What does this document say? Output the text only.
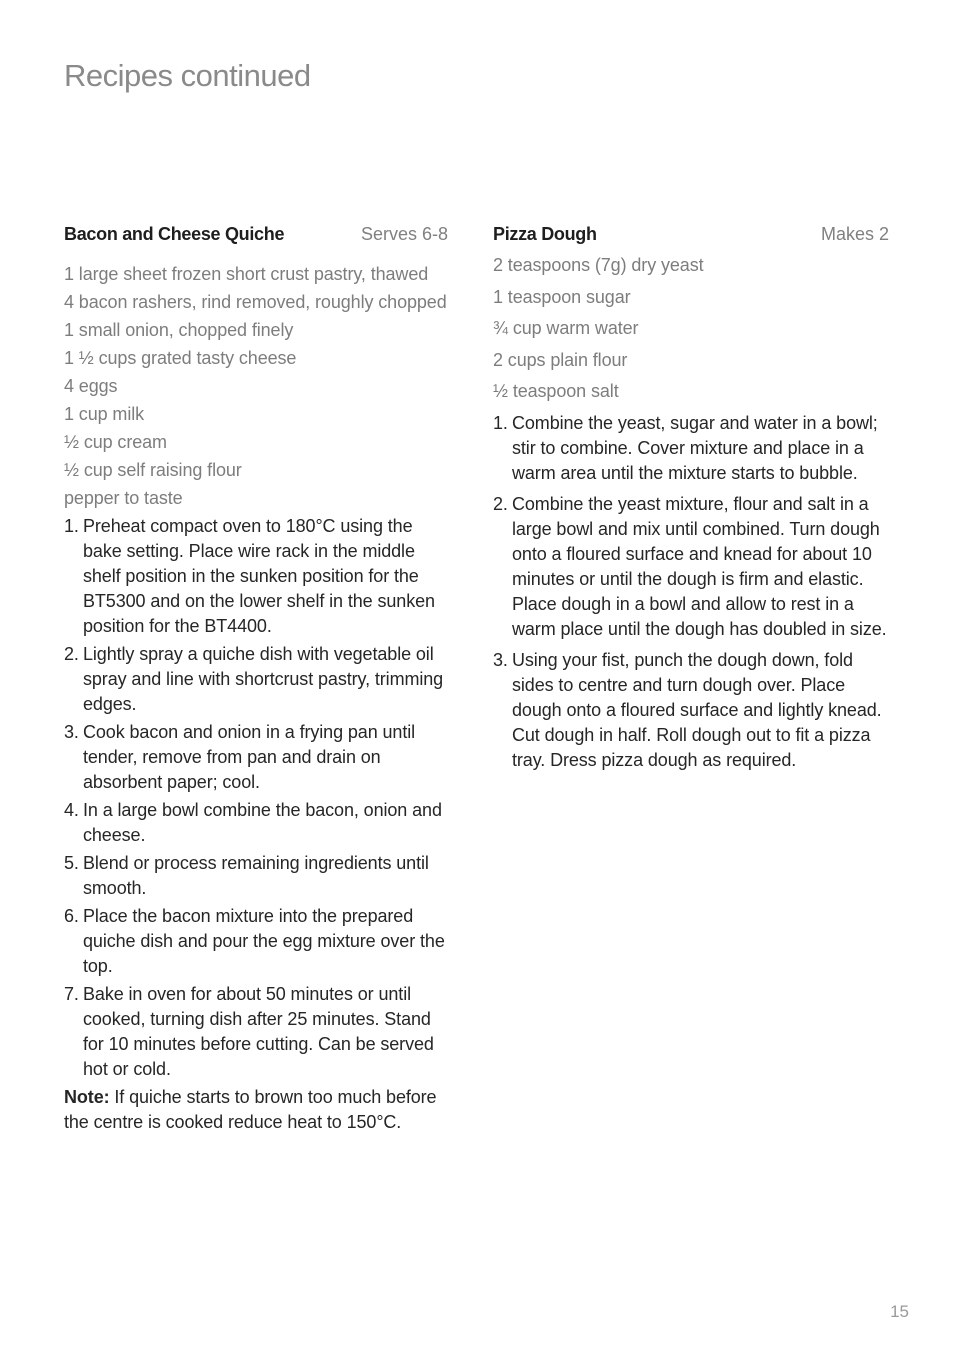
Recipes continued
Bacon and Cheese Quiche	Serves 6-8
1 large sheet frozen short crust pastry, thawed
4 bacon rashers, rind removed, roughly chopped
1 small onion, chopped finely
1 ½ cups grated tasty cheese
4 eggs
1 cup milk
½ cup cream
½ cup self raising flour
pepper to taste
1. Preheat compact oven to 180°C using the bake setting. Place wire rack in the middle shelf position in the sunken position for the BT5300 and on the lower shelf in the sunken position for the BT4400.
2. Lightly spray a quiche dish with vegetable oil spray and line with shortcrust pastry, trimming edges.
3. Cook bacon and onion in a frying pan until tender, remove from pan and drain on absorbent paper; cool.
4. In a large bowl combine the bacon, onion and cheese.
5. Blend or process remaining ingredients until smooth.
6. Place the bacon mixture into the prepared quiche dish and pour the egg mixture over the top.
7. Bake in oven for about 50 minutes or until cooked, turning dish after 25 minutes. Stand for 10 minutes before cutting. Can be served hot or cold.

Note: If quiche starts to brown too much before the centre is cooked reduce heat to 150°C.

Pizza Dough	Makes 2
2 teaspoons (7g) dry yeast
1 teaspoon sugar
¾ cup warm water
2 cups plain flour
½ teaspoon salt
1. Combine the yeast, sugar and water in a bowl; stir to combine. Cover mixture and place in a warm area until the mixture starts to bubble.
2. Combine the yeast mixture, flour and salt in a large bowl and mix until combined. Turn dough onto a floured surface and knead for about 10 minutes or until the dough is firm and elastic. Place dough in a bowl and allow to rest in a warm place until the dough has doubled in size.
3. Using your fist, punch the dough down, fold sides to centre and turn dough over. Place dough onto a floured surface and lightly knead. Cut dough in half. Roll dough out to fit a pizza tray. Dress pizza dough as required.
15
